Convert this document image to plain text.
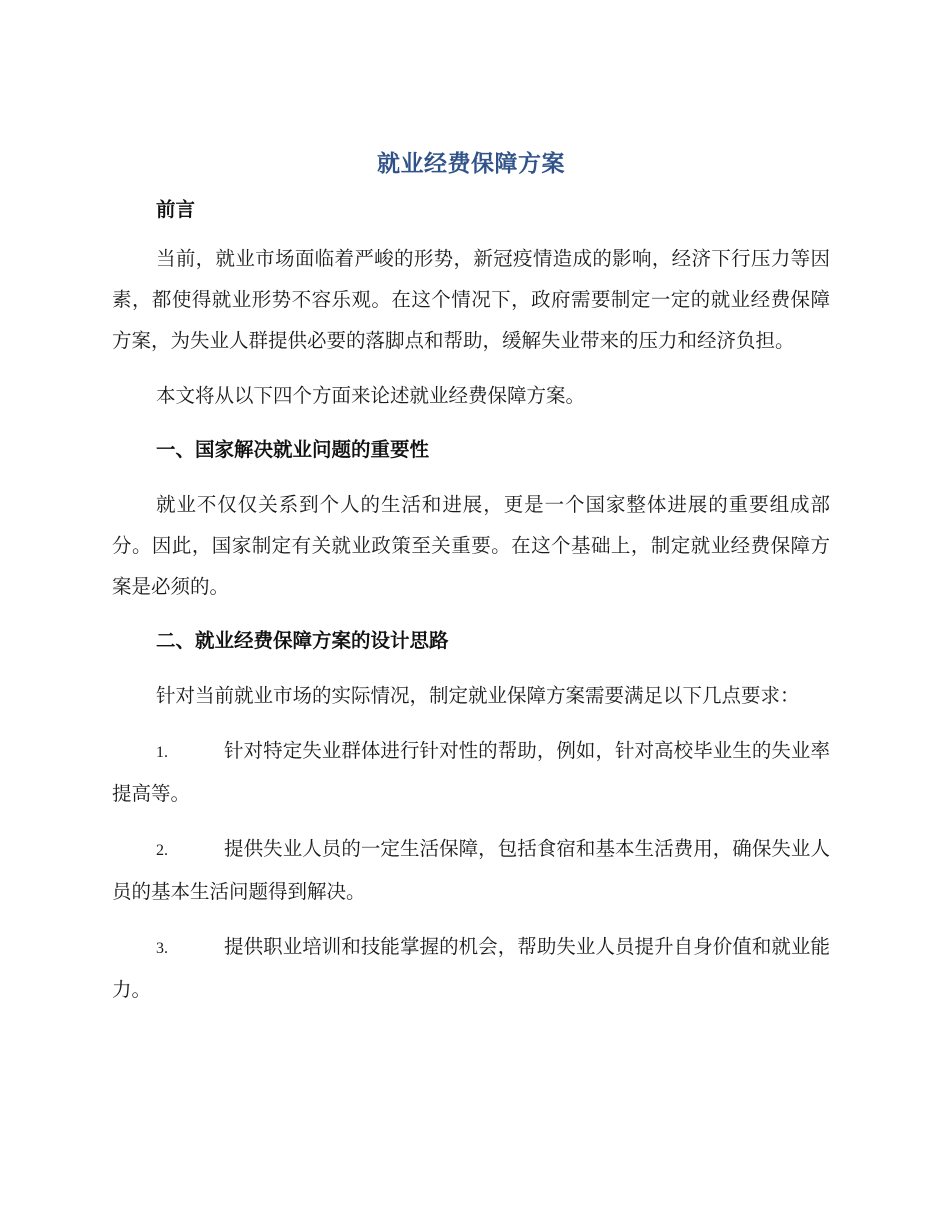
就业经费保障方案
前言

当前，就业市场面临着严峻的形势，新冠疫情造成的影响，经济下行压力等因素，都使得就业形势不容乐观。在这个情况下，政府需要制定一定的就业经费保障方案，为失业人群提供必要的落脚点和帮助，缓解失业带来的压力和经济负担。

本文将从以下四个方面来论述就业经费保障方案。

一、国家解决就业问题的重要性

就业不仅仅关系到个人的生活和进展，更是一个国家整体进展的重要组成部分。因此，国家制定有关就业政策至关重要。在这个基础上，制定就业经费保障方案是必须的。

二、就业经费保障方案的设计思路

针对当前就业市场的实际情况，制定就业保障方案需要满足以下几点要求：

1.	针对特定失业群体进行针对性的帮助，例如，针对高校毕业生的失业率提高等。

2.	提供失业人员的一定生活保障，包括食宿和基本生活费用，确保失业人员的基本生活问题得到解决。

3.	提供职业培训和技能掌握的机会，帮助失业人员提升自身价值和就业能力。
